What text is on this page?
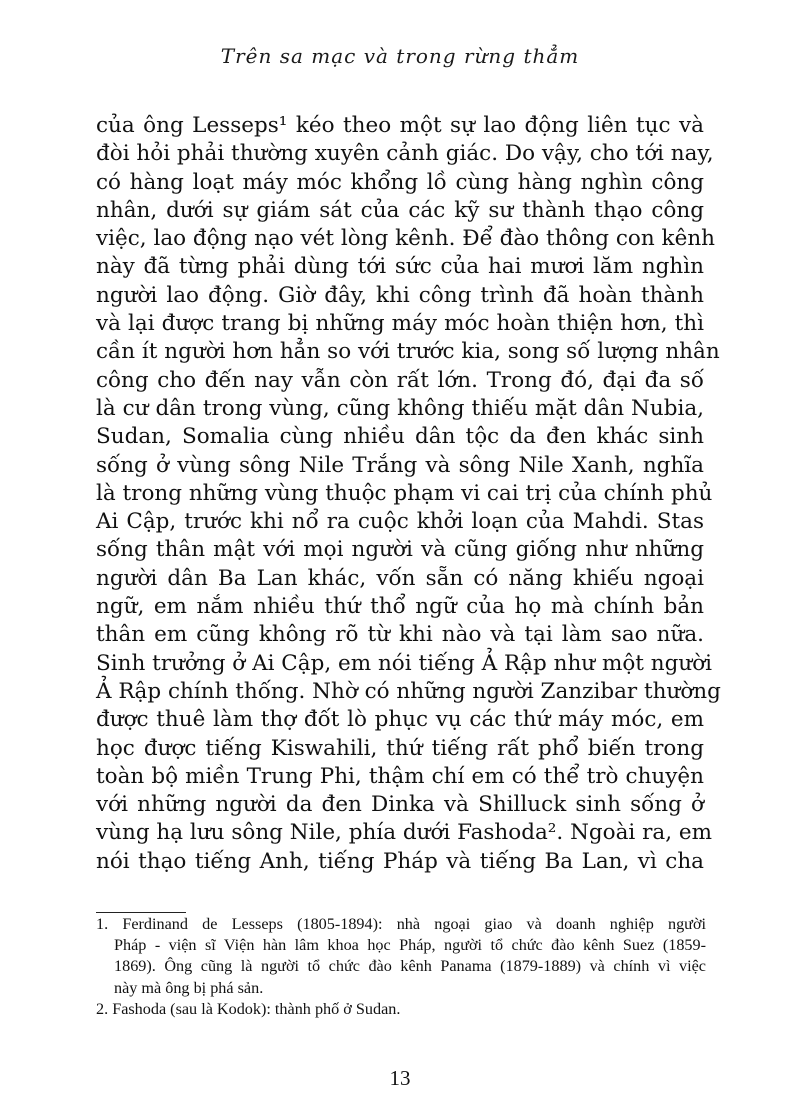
Trên sa mạc và trong rừng thẳm
của ông Lesseps¹ kéo theo một sự lao động liên tục và
đòi hỏi phải thường xuyên cảnh giác. Do vậy, cho tới nay,
có hàng loạt máy móc khổng lồ cùng hàng nghìn công
nhân, dưới sự giám sát của các kỹ sư thành thạo công
việc, lao động nạo vét lòng kênh. Để đào thông con kênh
này đã từng phải dùng tới sức của hai mươi lăm nghìn
người lao động. Giờ đây, khi công trình đã hoàn thành
và lại được trang bị những máy móc hoàn thiện hơn, thì
cần ít người hơn hẳn so với trước kia, song số lượng nhân
công cho đến nay vẫn còn rất lớn. Trong đó, đại đa số
là cư dân trong vùng, cũng không thiếu mặt dân Nubia,
Sudan, Somalia cùng nhiều dân tộc da đen khác sinh
sống ở vùng sông Nile Trắng và sông Nile Xanh, nghĩa
là trong những vùng thuộc phạm vi cai trị của chính phủ
Ai Cập, trước khi nổ ra cuộc khởi loạn của Mahdi. Stas
sống thân mật với mọi người và cũng giống như những
người dân Ba Lan khác, vốn sẵn có năng khiếu ngoại
ngữ, em nắm nhiều thứ thổ ngữ của họ mà chính bản
thân em cũng không rõ từ khi nào và tại làm sao nữa.
Sinh trưởng ở Ai Cập, em nói tiếng Ả Rập như một người
Ả Rập chính thống. Nhờ có những người Zanzibar thường
được thuê làm thợ đốt lò phục vụ các thứ máy móc, em
học được tiếng Kiswahili, thứ tiếng rất phổ biến trong
toàn bộ miền Trung Phi, thậm chí em có thể trò chuyện
với những người da đen Dinka và Shilluck sinh sống ở
vùng hạ lưu sông Nile, phía dưới Fashoda². Ngoài ra, em
nói thạo tiếng Anh, tiếng Pháp và tiếng Ba Lan, vì cha
1. Ferdinand de Lesseps (1805-1894): nhà ngoại giao và doanh nghiệp người
Pháp - viện sĩ Viện hàn lâm khoa học Pháp, người tổ chức đào kênh Suez (1859-
1869). Ông cũng là người tổ chức đào kênh Panama (1879-1889) và chính vì việc
này mà ông bị phá sản.
2. Fashoda (sau là Kodok): thành phố ở Sudan.
13
